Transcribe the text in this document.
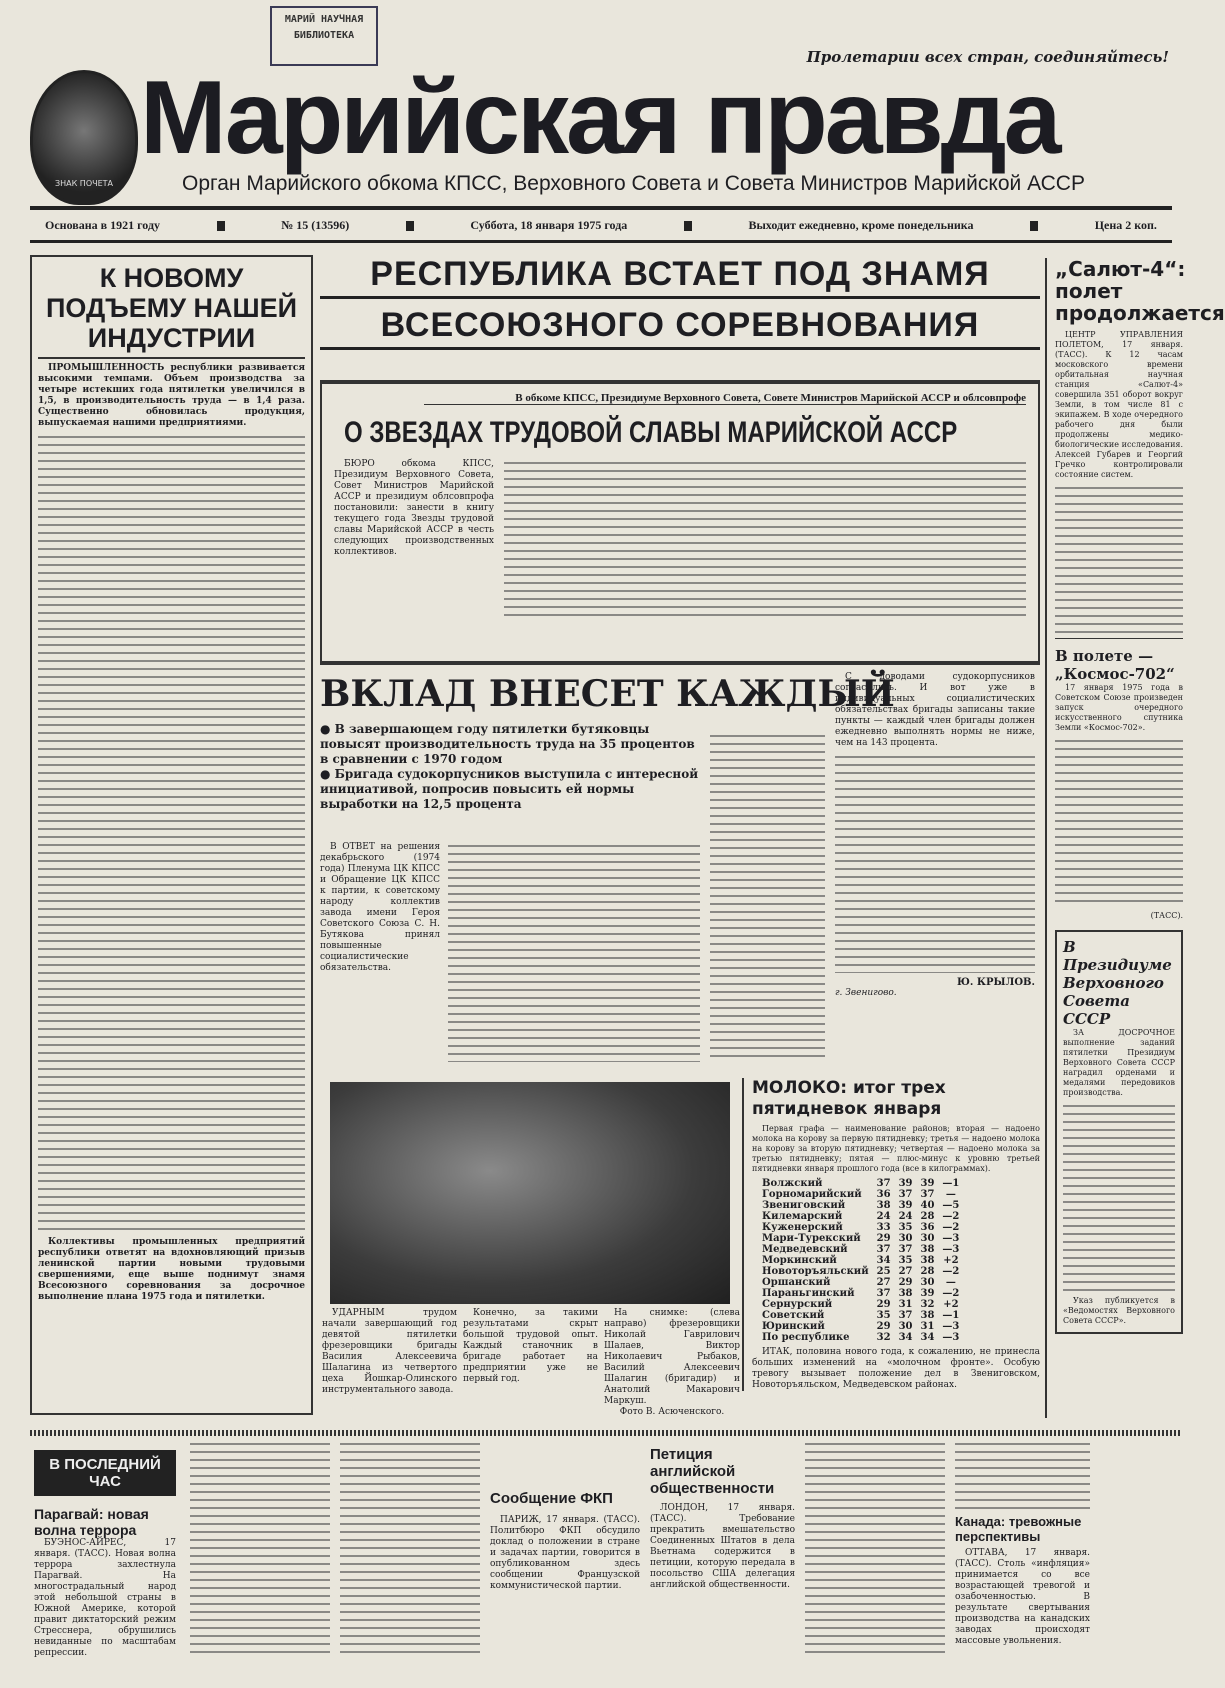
МАРИЙ НАУЧНАЯ БИБЛИОТЕКА
ЗНАК ПОЧЕТА
Пролетарии всех стран, соединяйтесь!
Марийская правда
Орган Марийского обкома КПСС, Верховного Совета и Совета Министров Марийской АССР
Основана в 1921 году	№ 15 (13596)	Суббота, 18 января 1975 года	Выходит ежедневно, кроме понедельника	Цена 2 коп.
К НОВОМУ ПОДЪЕМУ НАШЕЙ ИНДУСТРИИ

ПРОМЫШЛЕННОСТЬ республики развивается высокими темпами. Объем производства за четыре истекших года пятилетки увеличился в 1,5, в производительность труда — в 1,4 раза. Существенно обновилась продукция, выпускаемая нашими предприятиями.

Коллективы промышленных предприятий республики ответят на вдохновляющий призыв ленинской партии новыми трудовыми свершениями, еще выше поднимут знамя Всесоюзного соревнования за досрочное выполнение плана 1975 года и пятилетки.

РЕСПУБЛИКА ВСТАЕТ ПОД ЗНАМЯ
ВСЕСОЮЗНОГО СОРЕВНОВАНИЯ
В обкоме КПСС, Президиуме Верховного Совета, Совете Министров Марийской АССР и облсовпрофе
О ЗВЕЗДАХ ТРУДОВОЙ СЛАВЫ МАРИЙСКОЙ АССР

БЮРО обкома КПСС, Президиум Верховного Совета, Совет Министров Марийской АССР и президиум облсовпрофа постановили: занести в книгу текущего года Звезды трудовой славы Марийской АССР в честь следующих производственных коллективов.

ВКЛАД ВНЕСЕТ КАЖДЫЙ
● В завершающем году пятилетки бутяковцы повысят производительность труда на 35 процентов в сравнении с 1970 годом
● Бригада судокорпусников выступила с интересной инициативой, попросив повысить ей нормы выработки на 12,5 процента

В ОТВЕТ на решения декабрьского (1974 года) Пленума ЦК КПСС и Обращение ЦК КПСС к партии, к советскому народу коллектив завода имени Героя Советского Союза С. Н. Бутякова принял повышенные социалистические обязательства.

С доводами судокорпусников согласились. И вот уже в индивидуальных социалистических обязательствах бригады записаны такие пункты — каждый член бригады должен ежедневно выполнять нормы не ниже, чем на 143 процента.

Ю. КРЫЛОВ.
г. Звенигово.

УДАРНЫМ трудом начали завершающий год девятой пятилетки фрезеровщики бригады Василия Алексеевича Шалагина из четвертого цеха Йошкар-Олинского инструментального завода.

Конечно, за такими результатами скрыт большой трудовой опыт. Каждый станочник в бригаде работает на предприятии уже не первый год.

На снимке: (слева направо) фрезеровщики Николай Гаврилович Шалаев, Виктор Николаевич Рыбаков, Василий Алексеевич Шалагин (бригадир) и Анатолий Макарович Маркуш.

Фото В. Асюченского.
МОЛОКО: итог трех пятидневок января

Первая графа — наименование районов; вторая — надоено молока на корову за первую пятидневку; третья — надоено молока на корову за вторую пятидневку; четвертая — надоено молока за третью пятидневку; пятая — плюс-минус к уровню третьей пятидневки января прошлого года (все в килограммах).

Волжский	37	39	39	—1
Горномарийский	36	37	37	—
Звениговский	38	39	40	—5
Килемарский	24	24	28	—2
Куженерский	33	35	36	—2
Мари-Турекский	29	30	30	—3
Медведевский	37	37	38	—3
Моркинский	34	35	38	+2
Новоторъяльский	25	27	28	—2
Оршанский	27	29	30	—
Параньгинский	37	38	39	—2
Сернурский	29	31	32	+2
Советский	35	37	38	—1
Юринский	29	30	31	—3
По республике	32	34	34	—3

ИТАК, половина нового года, к сожалению, не принесла больших изменений на «молочном фронте». Особую тревогу вызывает положение дел в Звениговском, Новоторъяльском, Медведевском районах.

„Салют-4“: полет продолжается

ЦЕНТР УПРАВЛЕНИЯ ПОЛЕТОМ, 17 января. (ТАСС). К 12 часам московского времени орбитальная научная станция «Салют-4» совершила 351 оборот вокруг Земли, в том числе 81 с экипажем. В ходе очередного рабочего дня были продолжены медико-биологические исследования. Алексей Губарев и Георгий Гречко контролировали состояние систем.

В полете — „Космос-702“

17 января 1975 года в Советском Союзе произведен запуск очередного искусственного спутника Земли «Космос-702».

(ТАСС).
В Президиуме Верховного Совета СССР

ЗА ДОСРОЧНОЕ выполнение заданий пятилетки Президиум Верховного Совета СССР наградил орденами и медалями передовиков производства.

Указ публикуется в «Ведомостях Верховного Совета СССР».

В ПОСЛЕДНИЙ ЧАС
Парагвай: новая волна террора

БУЭНОС-АЙРЕС, 17 января. (ТАСС). Новая волна террора захлестнула Парагвай. На многострадальный народ этой небольшой страны в Южной Америке, которой правит диктаторский режим Стресснера, обрушились невиданные по масштабам репрессии.

Сообщение ФКП

ПАРИЖ, 17 января. (ТАСС). Политбюро ФКП обсудило доклад о положении в стране и задачах партии, говорится в опубликованном здесь сообщении Французской коммунистической партии.

Петиция английской общественности

ЛОНДОН, 17 января. (ТАСС). Требование прекратить вмешательство Соединенных Штатов в дела Вьетнама содержится в петиции, которую передала в посольство США делегация английской общественности.

Канада: тревожные перспективы

ОТТАВА, 17 января. (ТАСС). Столь «инфляция» принимается со все возрастающей тревогой и озабоченностью. В результате свертывания производства на канадских заводах происходят массовые увольнения.
